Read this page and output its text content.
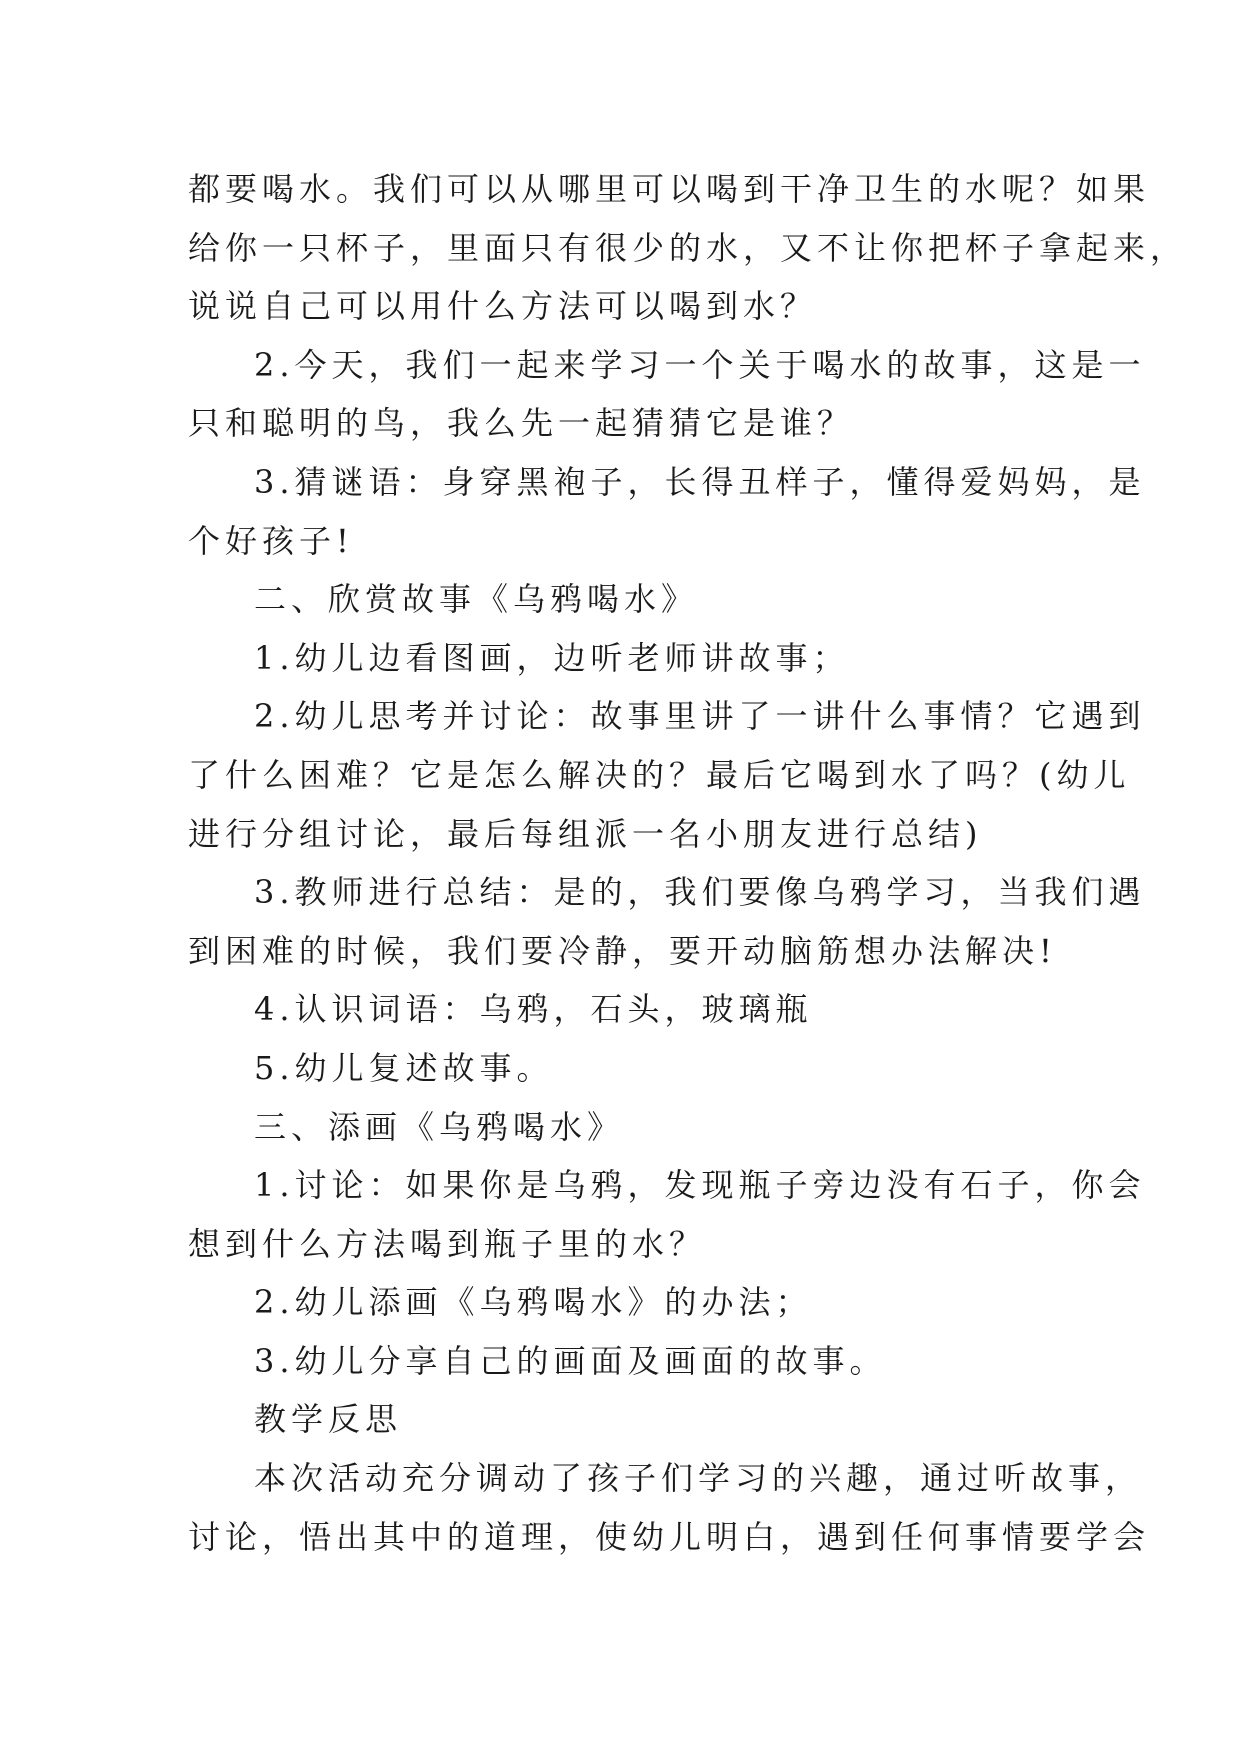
都要喝水。我们可以从哪里可以喝到干净卫生的水呢？如果
给你一只杯子，里面只有很少的水，又不让你把杯子拿起来，
说说自己可以用什么方法可以喝到水？
2.今天，我们一起来学习一个关于喝水的故事，这是一
只和聪明的鸟，我么先一起猜猜它是谁？
3.猜谜语：身穿黑袍子，长得丑样子，懂得爱妈妈，是
个好孩子!
二、欣赏故事《乌鸦喝水》
1.幼儿边看图画，边听老师讲故事；
2.幼儿思考并讨论：故事里讲了一讲什么事情？它遇到
了什么困难？它是怎么解决的？最后它喝到水了吗？(幼儿
进行分组讨论，最后每组派一名小朋友进行总结)
3.教师进行总结：是的，我们要像乌鸦学习，当我们遇
到困难的时候，我们要冷静，要开动脑筋想办法解决!
4.认识词语：乌鸦，石头，玻璃瓶
5.幼儿复述故事。
三、添画《乌鸦喝水》
1.讨论：如果你是乌鸦，发现瓶子旁边没有石子，你会
想到什么方法喝到瓶子里的水？
2.幼儿添画《乌鸦喝水》的办法；
3.幼儿分享自己的画面及画面的故事。
教学反思
本次活动充分调动了孩子们学习的兴趣，通过听故事，
讨论，悟出其中的道理，使幼儿明白，遇到任何事情要学会
